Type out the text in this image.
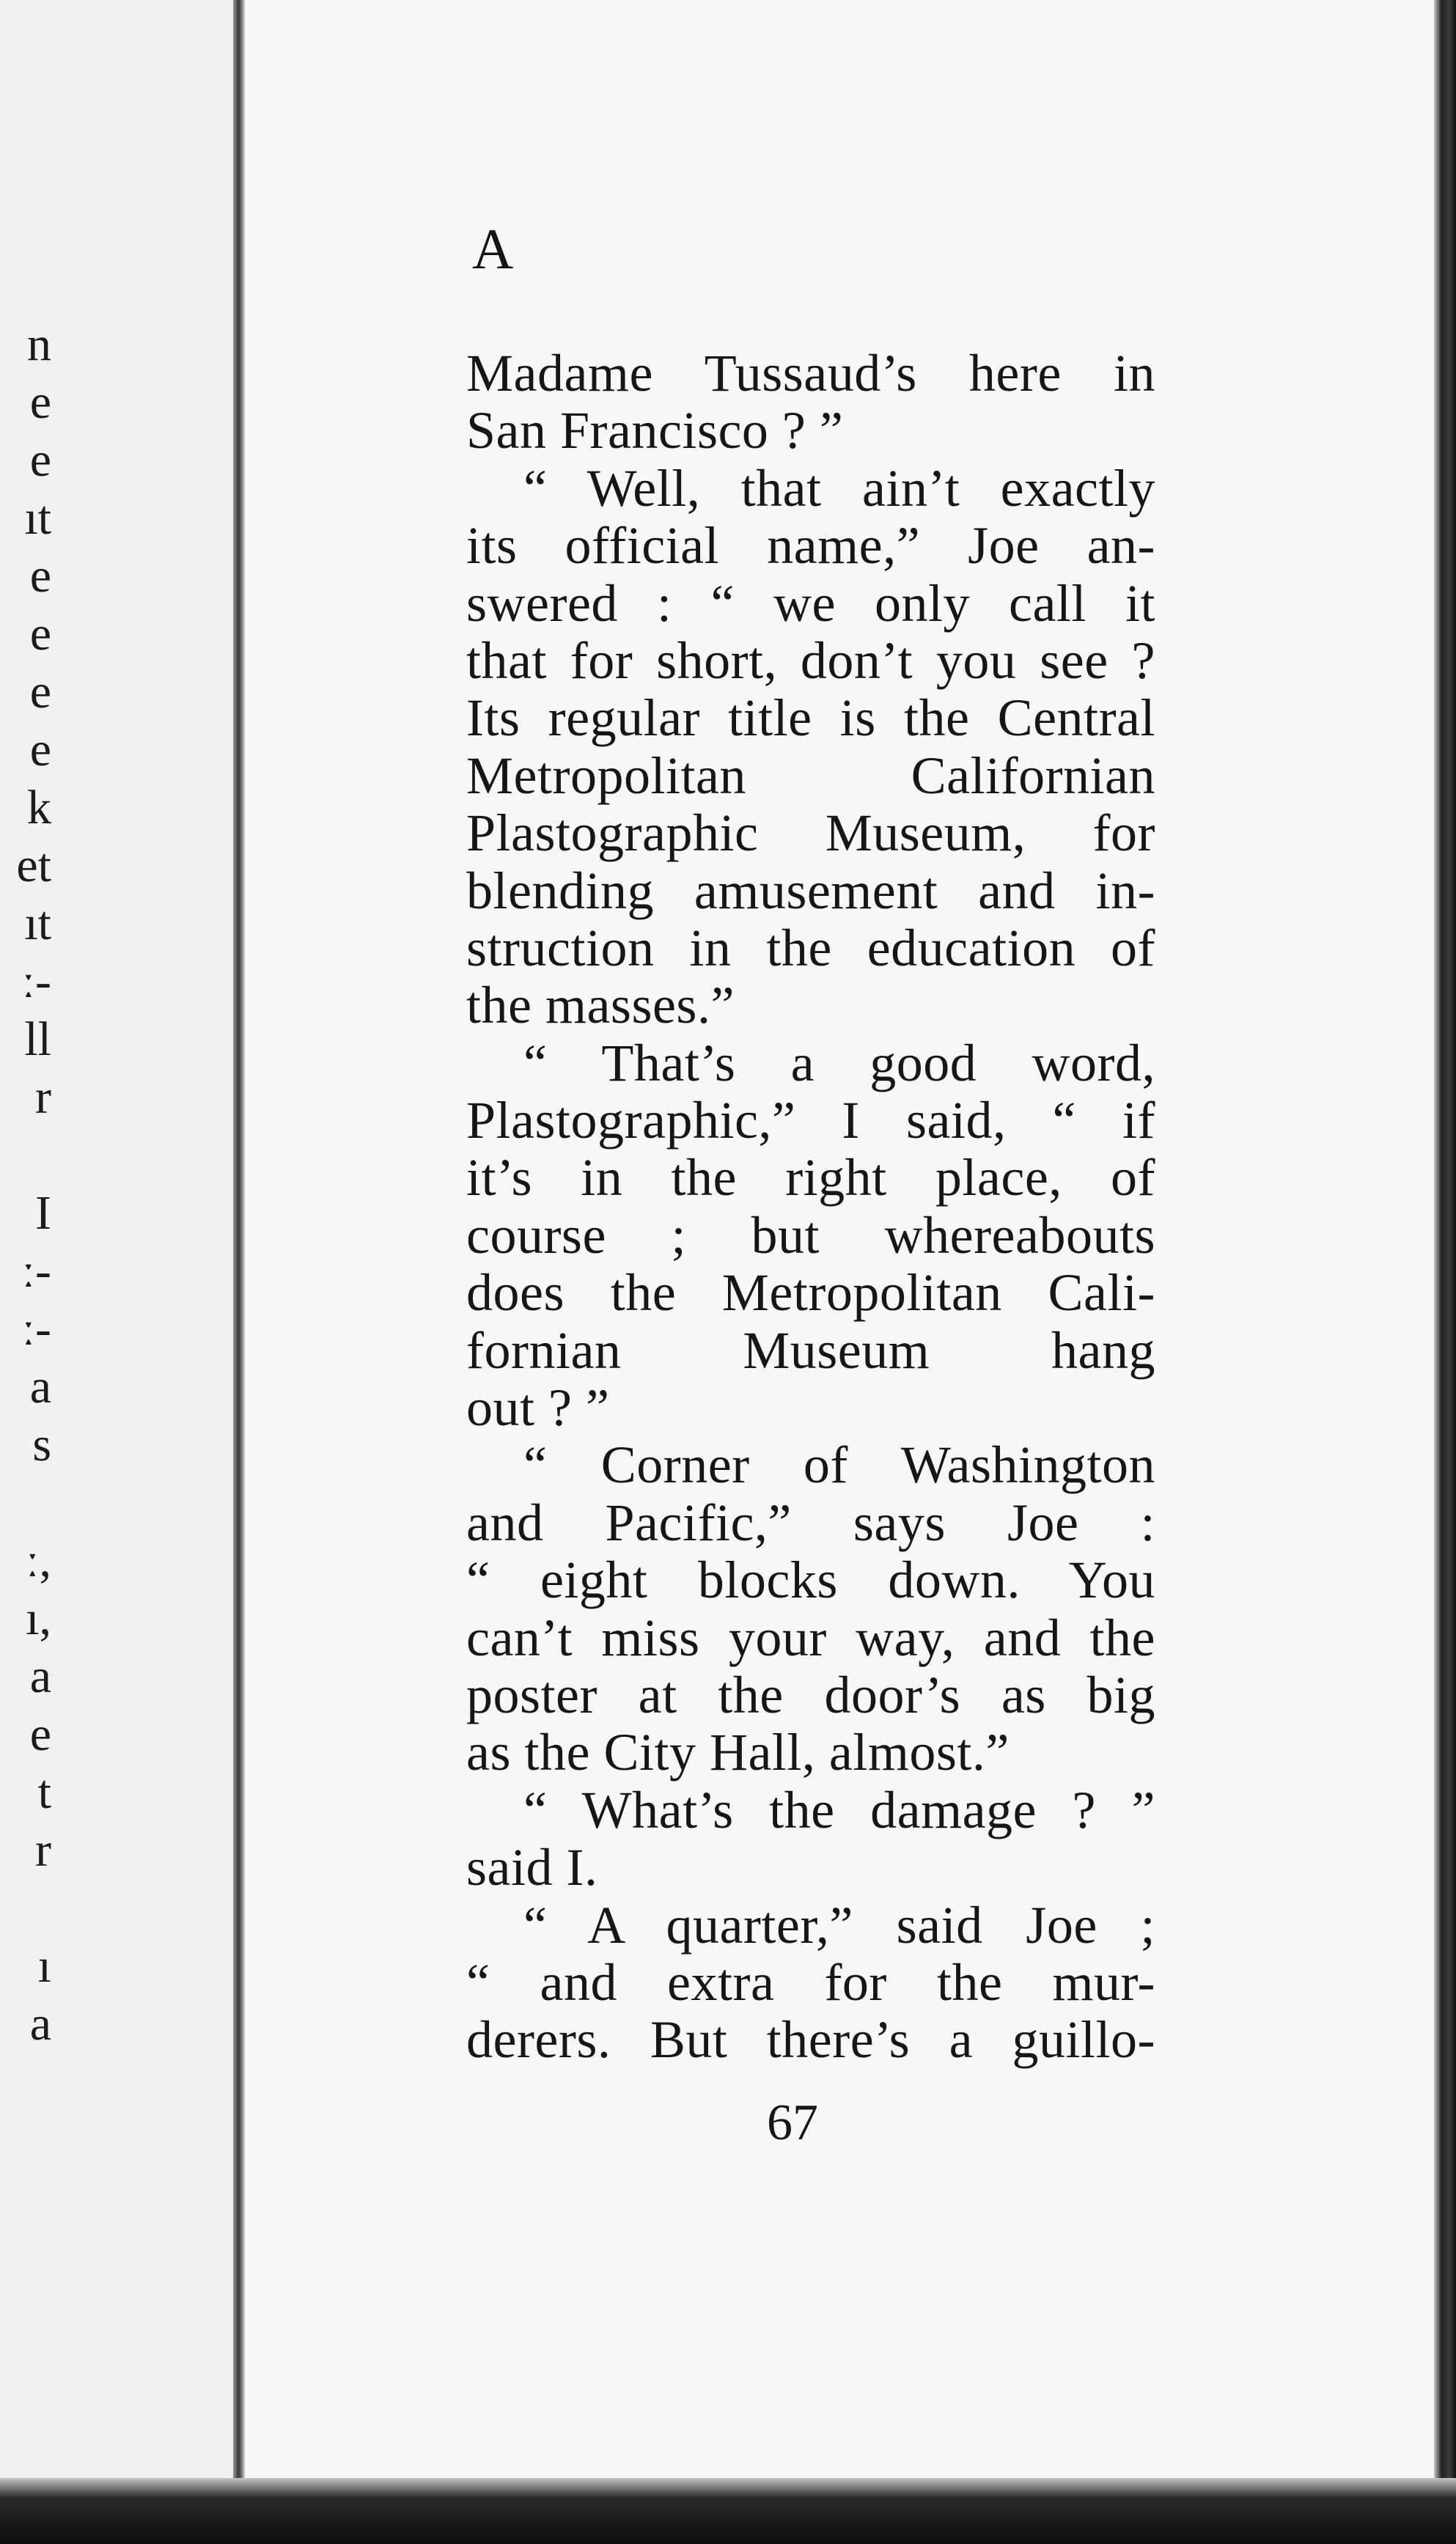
n
e
e
ıt
e
e
e
e
k
et
ıt
ː-
ll
r
I
ː-
ː-
a
s
ː,
ı,
a
e
t
r
ı
a
A
Madame Tussaud’s here in
San Francisco ? ”
“ Well, that ain’t exactly
its official name,” Joe an-
swered : “ we only call it
that for short, don’t you see ?
Its regular title is the Central
Metropolitan Californian
Plastographic Museum, for
blending amusement and in-
struction in the education of
the masses.”
“ That’s a good word,
Plastographic,” I said, “ if
it’s in the right place, of
course ; but whereabouts
does the Metropolitan Cali-
fornian Museum hang
out ? ”
“ Corner of Washington
and Pacific,” says Joe :
“ eight blocks down. You
can’t miss your way, and the
poster at the door’s as big
as the City Hall, almost.”
“ What’s the damage ? ”
said I.
“ A quarter,” said Joe ;
“ and extra for the mur-
derers. But there’s a guillo-
67
